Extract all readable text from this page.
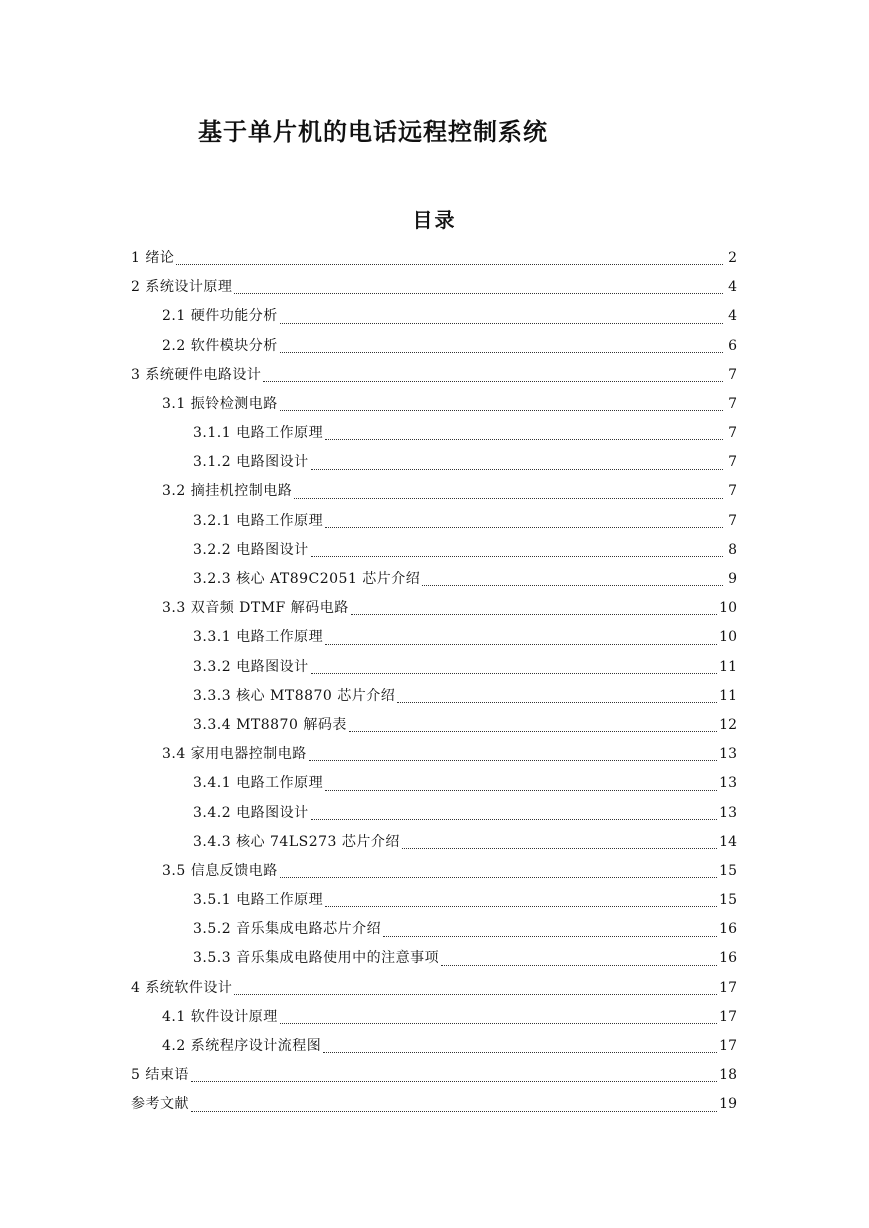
基于单片机的电话远程控制系统
目录
1 绪论	2
2 系统设计原理	4
2.1 硬件功能分析	4
2.2 软件模块分析	6
3 系统硬件电路设计	7
3.1 振铃检测电路	7
3.1.1 电路工作原理	7
3.1.2 电路图设计	7
3.2 摘挂机控制电路	7
3.2.1 电路工作原理	7
3.2.2 电路图设计	8
3.2.3 核心 AT89C2051 芯片介绍	9
3.3 双音频 DTMF 解码电路	10
3.3.1 电路工作原理	10
3.3.2 电路图设计	11
3.3.3 核心 MT8870 芯片介绍	11
3.3.4 MT8870 解码表	12
3.4 家用电器控制电路	13
3.4.1 电路工作原理	13
3.4.2 电路图设计	13
3.4.3 核心 74LS273 芯片介绍	14
3.5 信息反馈电路	15
3.5.1 电路工作原理	15
3.5.2 音乐集成电路芯片介绍	16
3.5.3 音乐集成电路使用中的注意事项	16
4 系统软件设计	17
4.1 软件设计原理	17
4.2 系统程序设计流程图	17
5 结束语	18
参考文献	19
